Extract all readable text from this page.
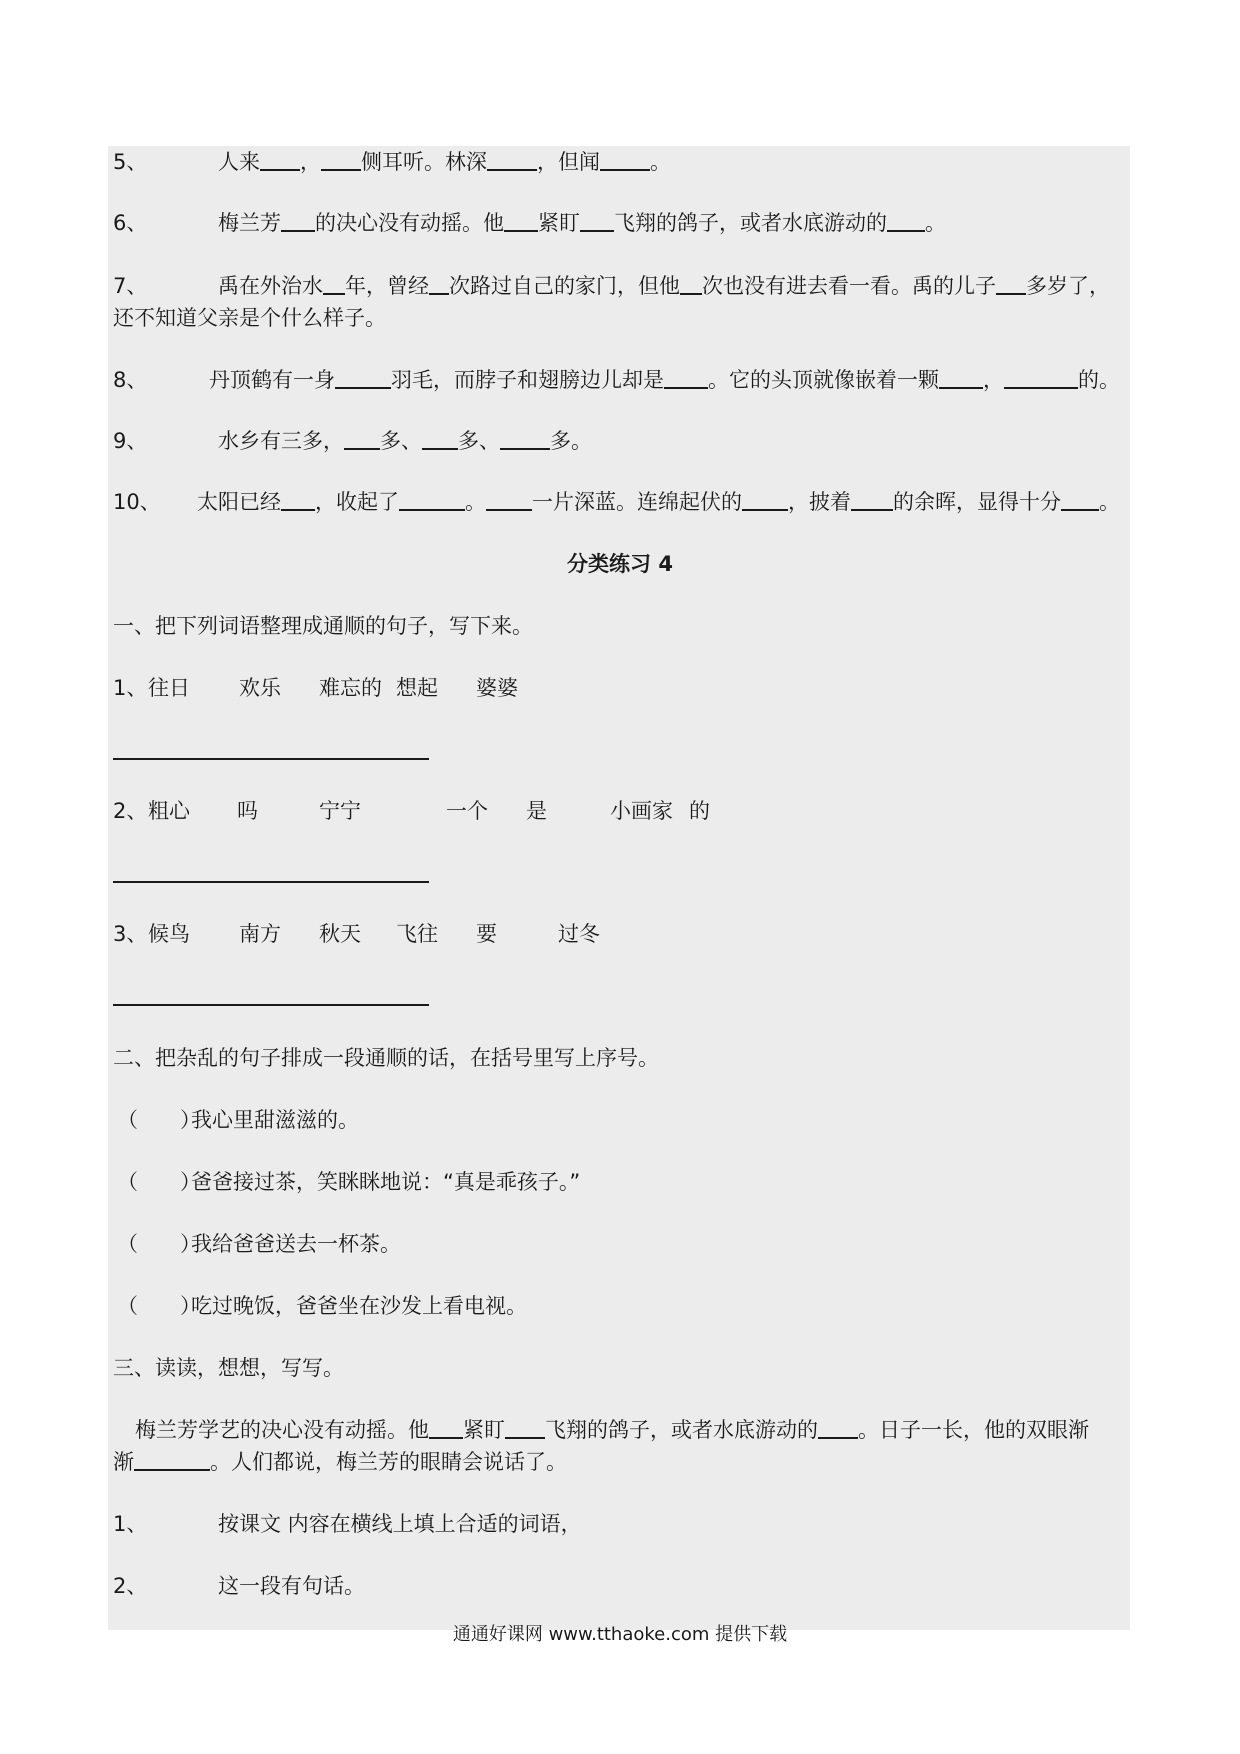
5、	人来 ， 侧耳听。林深 ，但闻 。
6、	梅兰芳 的决心没有动摇。他 紧盯 飞翔的鸽子，或者水底游动的 。
7、	禹在外治水 年，曾经 次路过自己的家门，但他 次也没有进去看一看。禹的儿子 多岁了，
还不知道父亲是个什么样子。
8、	丹顶鹤有一身	羽毛，而脖子和翅膀边儿却是 。它的头顶就像嵌着一颗 ，	的。
9、	水乡有三多， 多、 多、 多。
10、 太阳已经 ，收起了	。 一片深蓝。连绵起伏的 ，披着 的余晖，显得十分 。
分类练习 4
一、把下列词语整理成通顺的句子，写下来。
1、 往日 欢乐 难忘的 想起 婆婆
2、 粗心 吗	宁宁	一个 是	小画家 的
3、 候鸟 南方 秋天 飞往 要	过冬
二、把杂乱的句子排成一段通顺的话，在括号里写上序号。
（　　）
我心里甜滋滋的。
（　　）
爸爸接过茶，笑眯眯地说：“真是乖孩子。”
（　　）
我给爸爸送去一杯茶。
（　　）
吃过晚饭，爸爸坐在沙发上看电视。
三、读读，想想，写写。
梅兰芳学艺的决心没有动摇。他 紧盯 飞翔的鸽子，或者水底游动的 。日子一长，他的双眼渐
渐	。人们都说，梅兰芳的眼睛会说话了。
1、	按课文 内容在横线上填上合适的词语，
2、	这一段有句话。
通通好课网 www.tthaoke.com 提供下载
